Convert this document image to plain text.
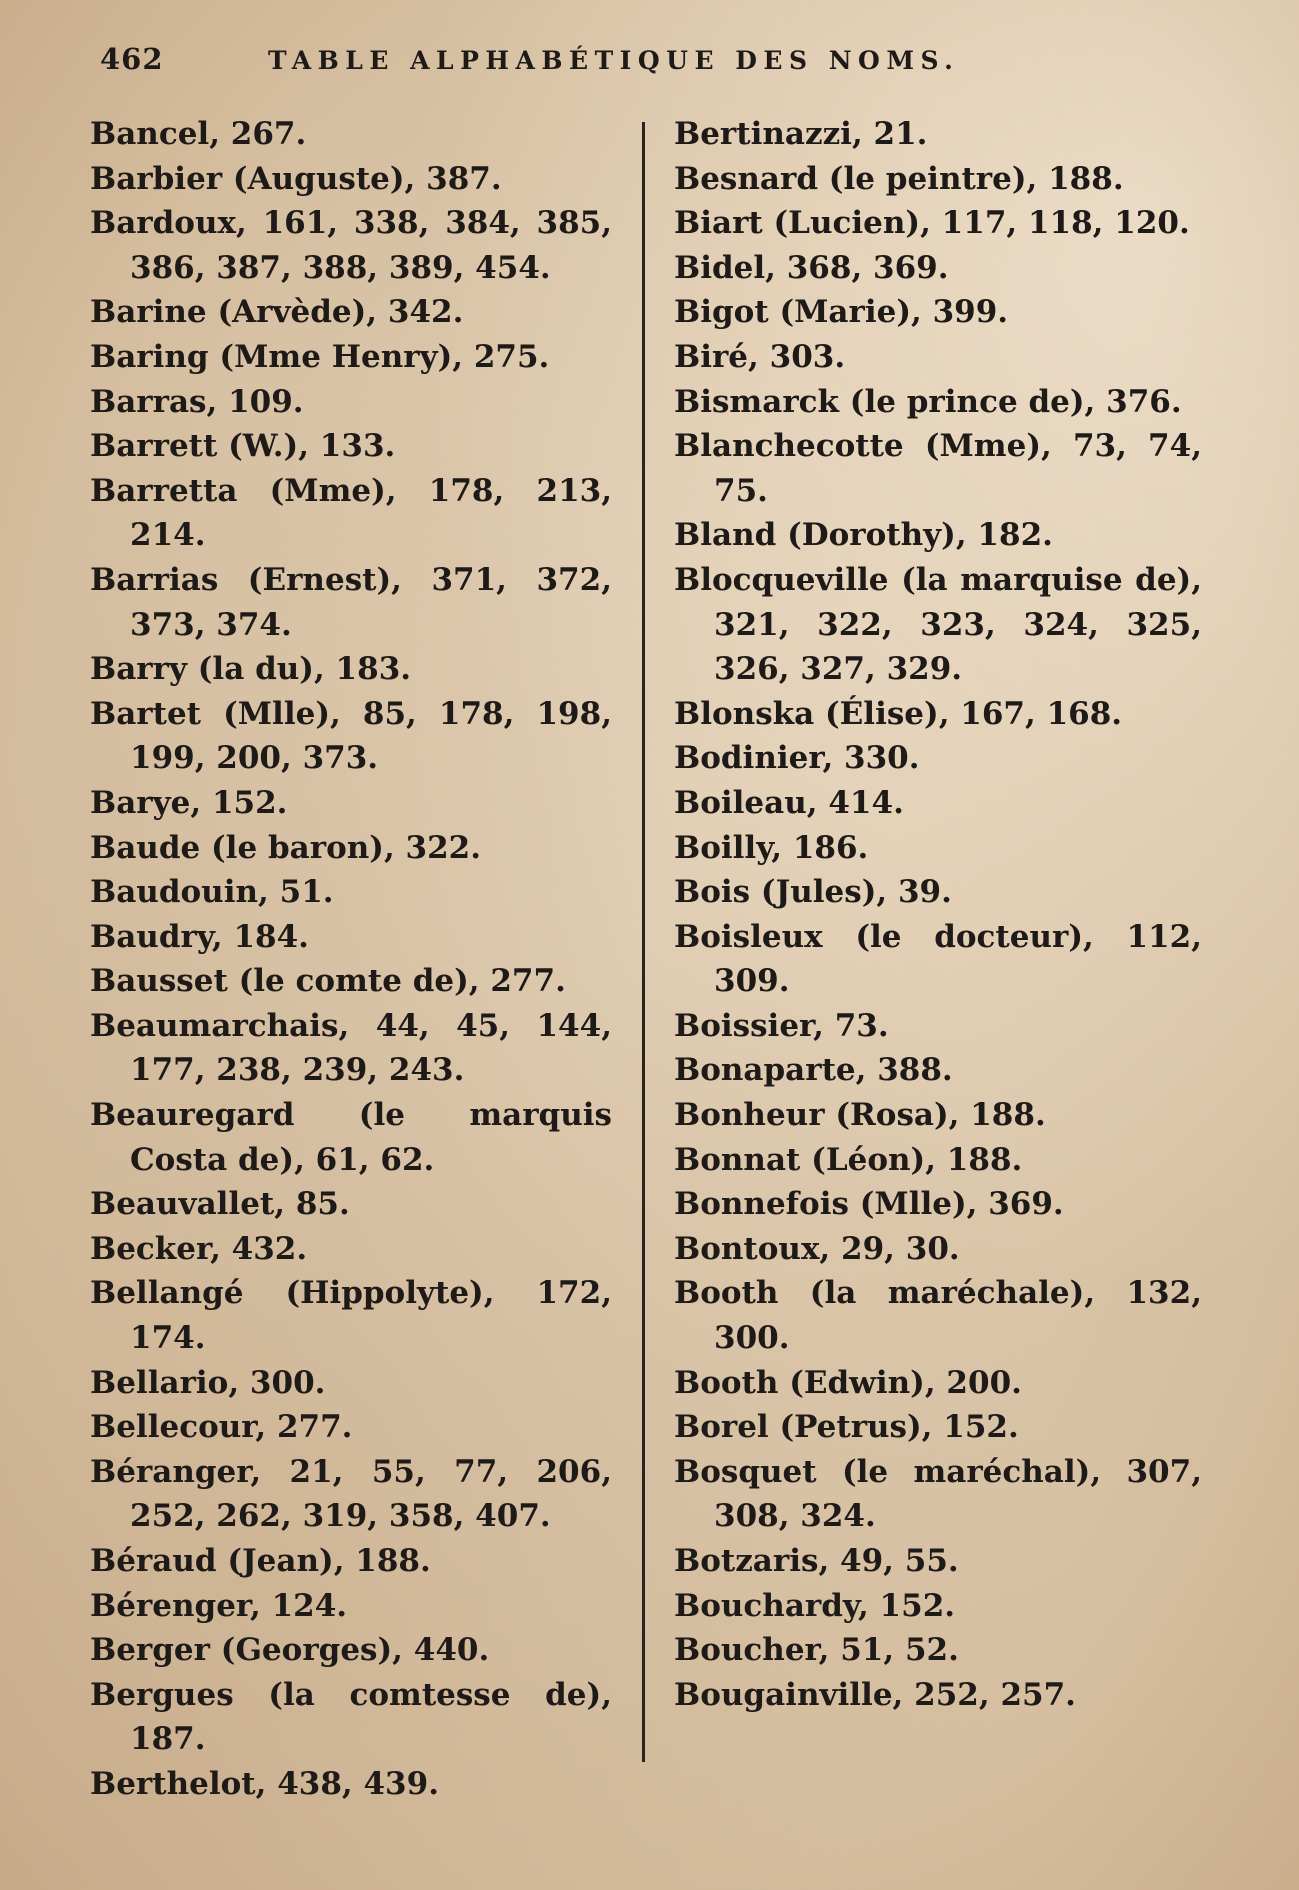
462	TABLE ALPHABÉTIQUE DES NOMS.
Bancel, 267.
Barbier (Auguste), 387.
Bardoux, 161, 338, 384, 385, 386, 387, 388, 389, 454.
Barine (Arvède), 342.
Baring (Mme Henry), 275.
Barras, 109.
Barrett (W.), 133.
Barretta (Mme), 178, 213, 214.
Barrias (Ernest), 371, 372, 373, 374.
Barry (la du), 183.
Bartet (Mlle), 85, 178, 198, 199, 200, 373.
Barye, 152.
Baude (le baron), 322.
Baudouin, 51.
Baudry, 184.
Bausset (le comte de), 277.
Beaumarchais, 44, 45, 144, 177, 238, 239, 243.
Beauregard (le marquis Costa de), 61, 62.
Beauvallet, 85.
Becker, 432.
Bellangé (Hippolyte), 172, 174.
Bellario, 300.
Bellecour, 277.
Béranger, 21, 55, 77, 206, 252, 262, 319, 358, 407.
Béraud (Jean), 188.
Bérenger, 124.
Berger (Georges), 440.
Bergues (la comtesse de), 187.
Berthelot, 438, 439.
Bertinazzi, 21.
Besnard (le peintre), 188.
Biart (Lucien), 117, 118, 120.
Bidel, 368, 369.
Bigot (Marie), 399.
Biré, 303.
Bismarck (le prince de), 376.
Blanchecotte (Mme), 73, 74, 75.
Bland (Dorothy), 182.
Blocqueville (la marquise de), 321, 322, 323, 324, 325, 326, 327, 329.
Blonska (Élise), 167, 168.
Bodinier, 330.
Boileau, 414.
Boilly, 186.
Bois (Jules), 39.
Boisleux (le docteur), 112, 309.
Boissier, 73.
Bonaparte, 388.
Bonheur (Rosa), 188.
Bonnat (Léon), 188.
Bonnefois (Mlle), 369.
Bontoux, 29, 30.
Booth (la maréchale), 132, 300.
Booth (Edwin), 200.
Borel (Petrus), 152.
Bosquet (le maréchal), 307, 308, 324.
Botzaris, 49, 55.
Bouchardy, 152.
Boucher, 51, 52.
Bougainville, 252, 257.
